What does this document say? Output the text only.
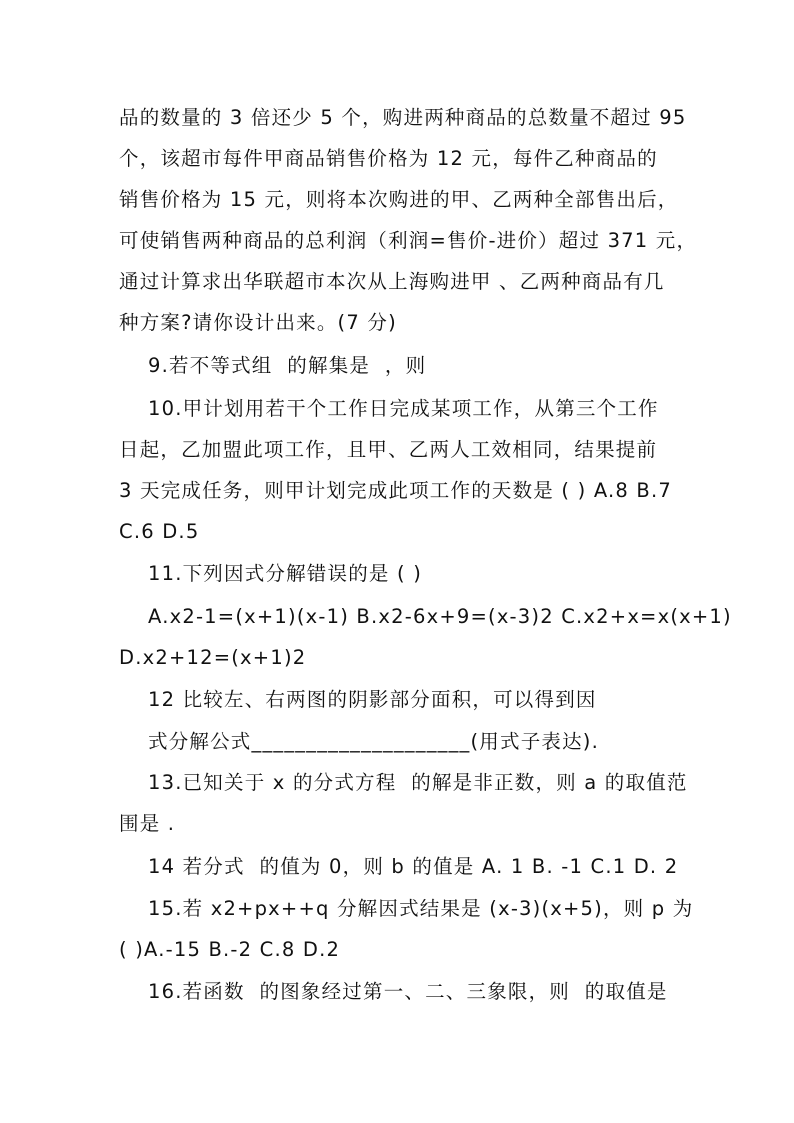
品的数量的 3 倍还少 5 个，购进两种商品的总数量不超过 95
个，该超市每件甲商品销售价格为 12 元，每件乙种商品的
销售价格为 15 元，则将本次购进的甲、乙两种全部售出后，
可使销售两种商品的总利润（利润=售价-进价）超过 371 元，
通过计算求出华联超市本次从上海购进甲 、乙两种商品有几
种方案?请你设计出来。(7 分)
9.若不等式组  的解集是  ，则
10.甲计划用若干个工作日完成某项工作，从第三个工作
日起，乙加盟此项工作，且甲、乙两人工效相同，结果提前
3 天完成任务，则甲计划完成此项工作的天数是 ( ) A.8 B.7
C.6 D.5
11.下列因式分解错误的是 ( )
A.x2-1=(x+1)(x-1) B.x2-6x+9=(x-3)2 C.x2+x=x(x+1)
D.x2+12=(x+1)2
12 比较左、右两图的阴影部分面积，可以得到因
式分解公式____________________(用式子表达).
13.已知关于 x 的分式方程  的解是非正数，则 a 的取值范
围是 .
14 若分式  的值为 0，则 b 的值是 A. 1 B. -1 C.1 D. 2
15.若 x2+px++q 分解因式结果是 (x-3)(x+5)，则 p 为
( )A.-15 B.-2 C.8 D.2
16.若函数  的图象经过第一、二、三象限，则  的取值是
